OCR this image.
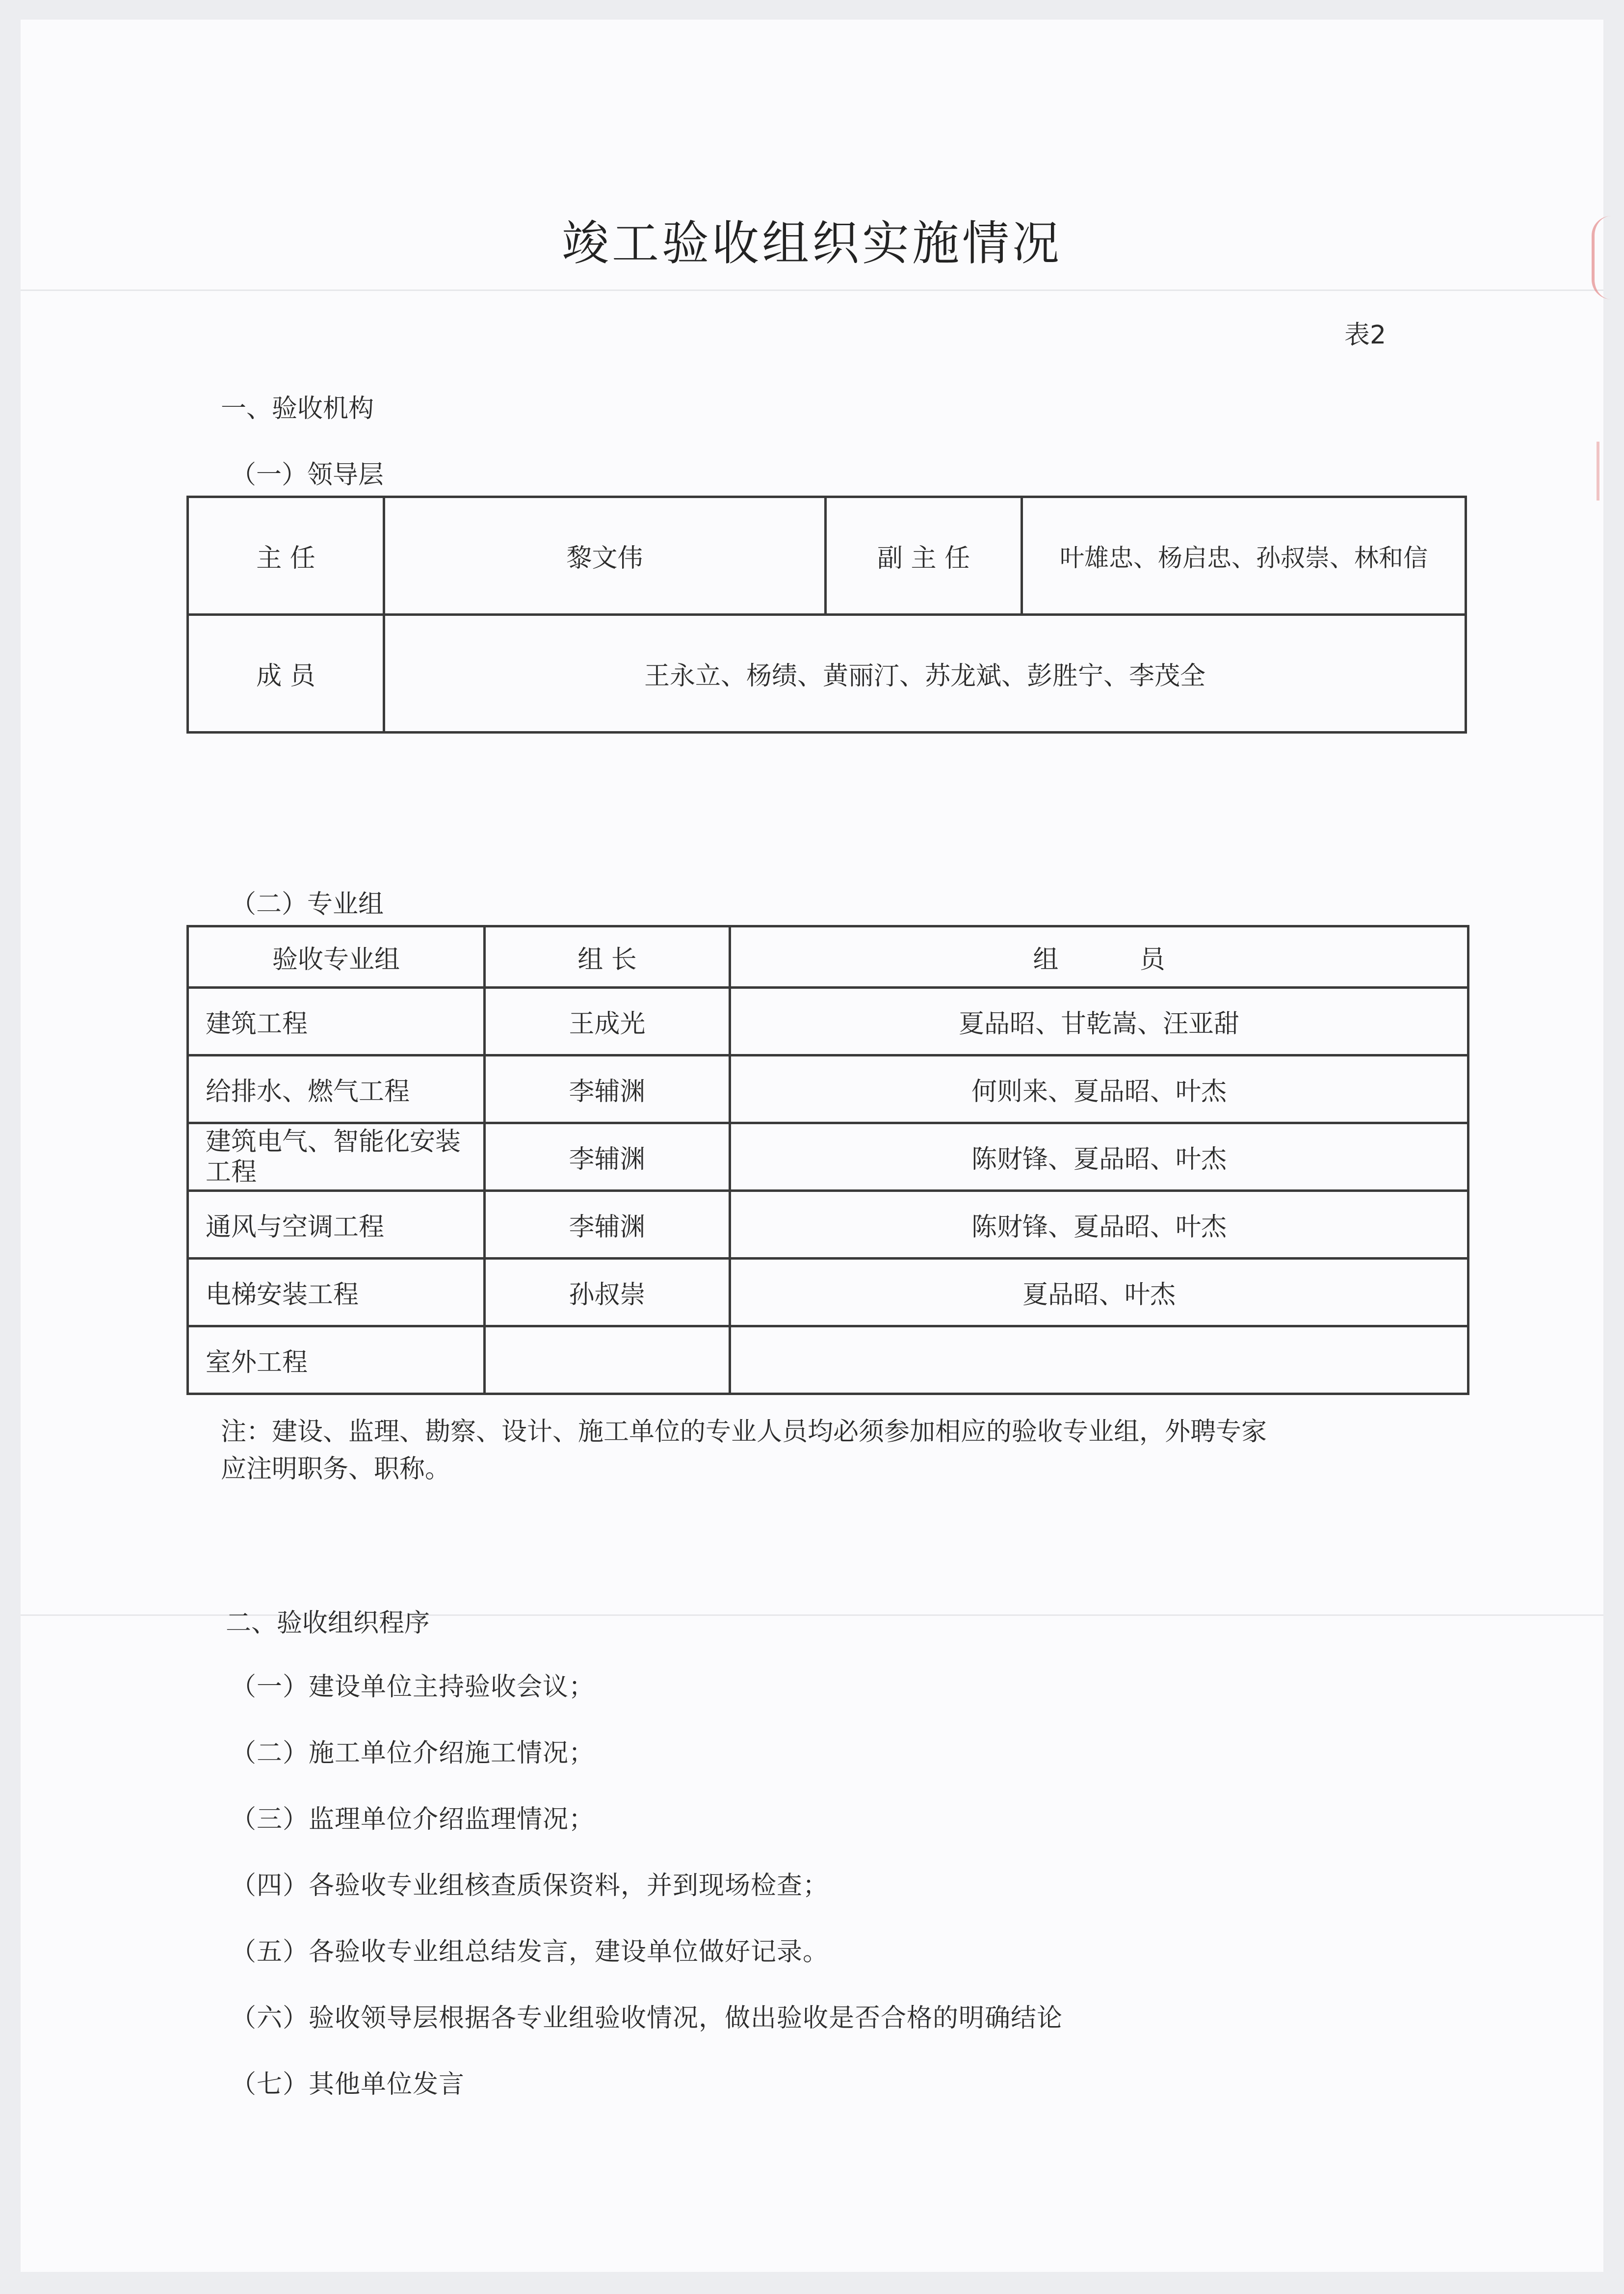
竣工验收组织实施情况
表2
一、验收机构
（一）领导层
主 任	黎文伟	副 主 任	叶雄忠、杨启忠、孙叔崇、林和信
成 员	王永立、杨绩、黄丽汀、苏龙斌、彭胜宁、李茂全		
（二）专业组
验收专业组	组 长	组          员
建筑工程	王成光	夏品昭、甘乾嵩、汪亚甜
给排水、燃气工程	李辅渊	何则来、夏品昭、叶杰
建筑电气、智能化安装工程	李辅渊	陈财锋、夏品昭、叶杰
通风与空调工程	李辅渊	陈财锋、夏品昭、叶杰
电梯安装工程	孙叔崇	夏品昭、叶杰
室外工程		
注：建设、监理、勘察、设计、施工单位的专业人员均必须参加相应的验收专业组，外聘专家
应注明职务、职称。
二、验收组织程序
（一）建设单位主持验收会议；
（二）施工单位介绍施工情况；
（三）监理单位介绍监理情况；
（四）各验收专业组核查质保资料，并到现场检查；
（五）各验收专业组总结发言，建设单位做好记录。
（六）验收领导层根据各专业组验收情况，做出验收是否合格的明确结论
（七）其他单位发言
